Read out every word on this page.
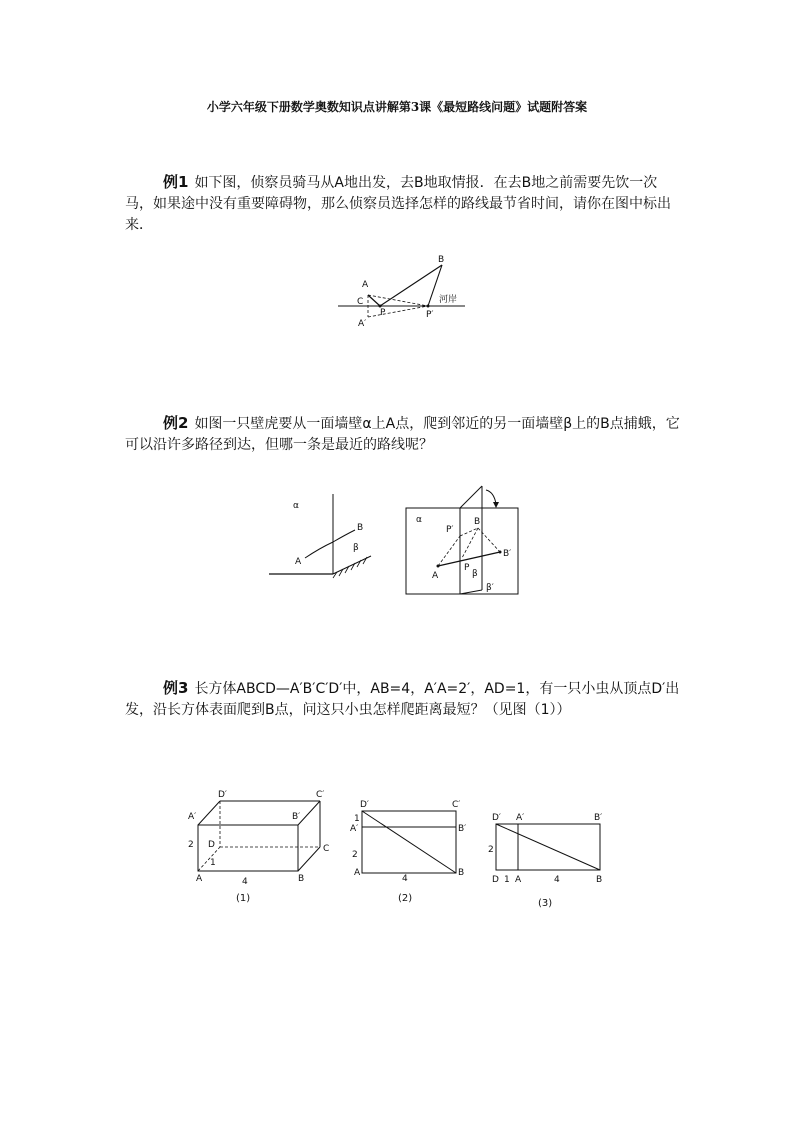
小学六年级下册数学奥数知识点讲解第3课《最短路线问题》试题附答案
例1 如下图，侦察员骑马从A地出发，去B地取情报．在去B地之前需要先饮一次马，如果途中没有重要障碍物，那么侦察员选择怎样的路线最节省时间，请你在图中标出来．
A
B
C
P
A′
P′
河岸
例2 如图一只壁虎要从一面墙壁α上A点，爬到邻近的另一面墙壁β上的B点捕蛾，它可以沿许多路径到达，但哪一条是最近的路线呢？
α
β
A
B
α	B
P′
B′
A
P
β
β′
例3 长方体ABCD—A′B′C′D′中，AB=4，A′A=2′，AD=1，有一只小虫从顶点D′出发，沿长方体表面爬到B点，问这只小虫怎样爬距离最短？（见图（1））
D′	C′
A′	B′
D	C
2
1
A	B
4
(1)
D′	C′
1
A′	B′
2
A	B
4
(2)
D′ A′	B′
2
D 1 A	4	B
(3)
